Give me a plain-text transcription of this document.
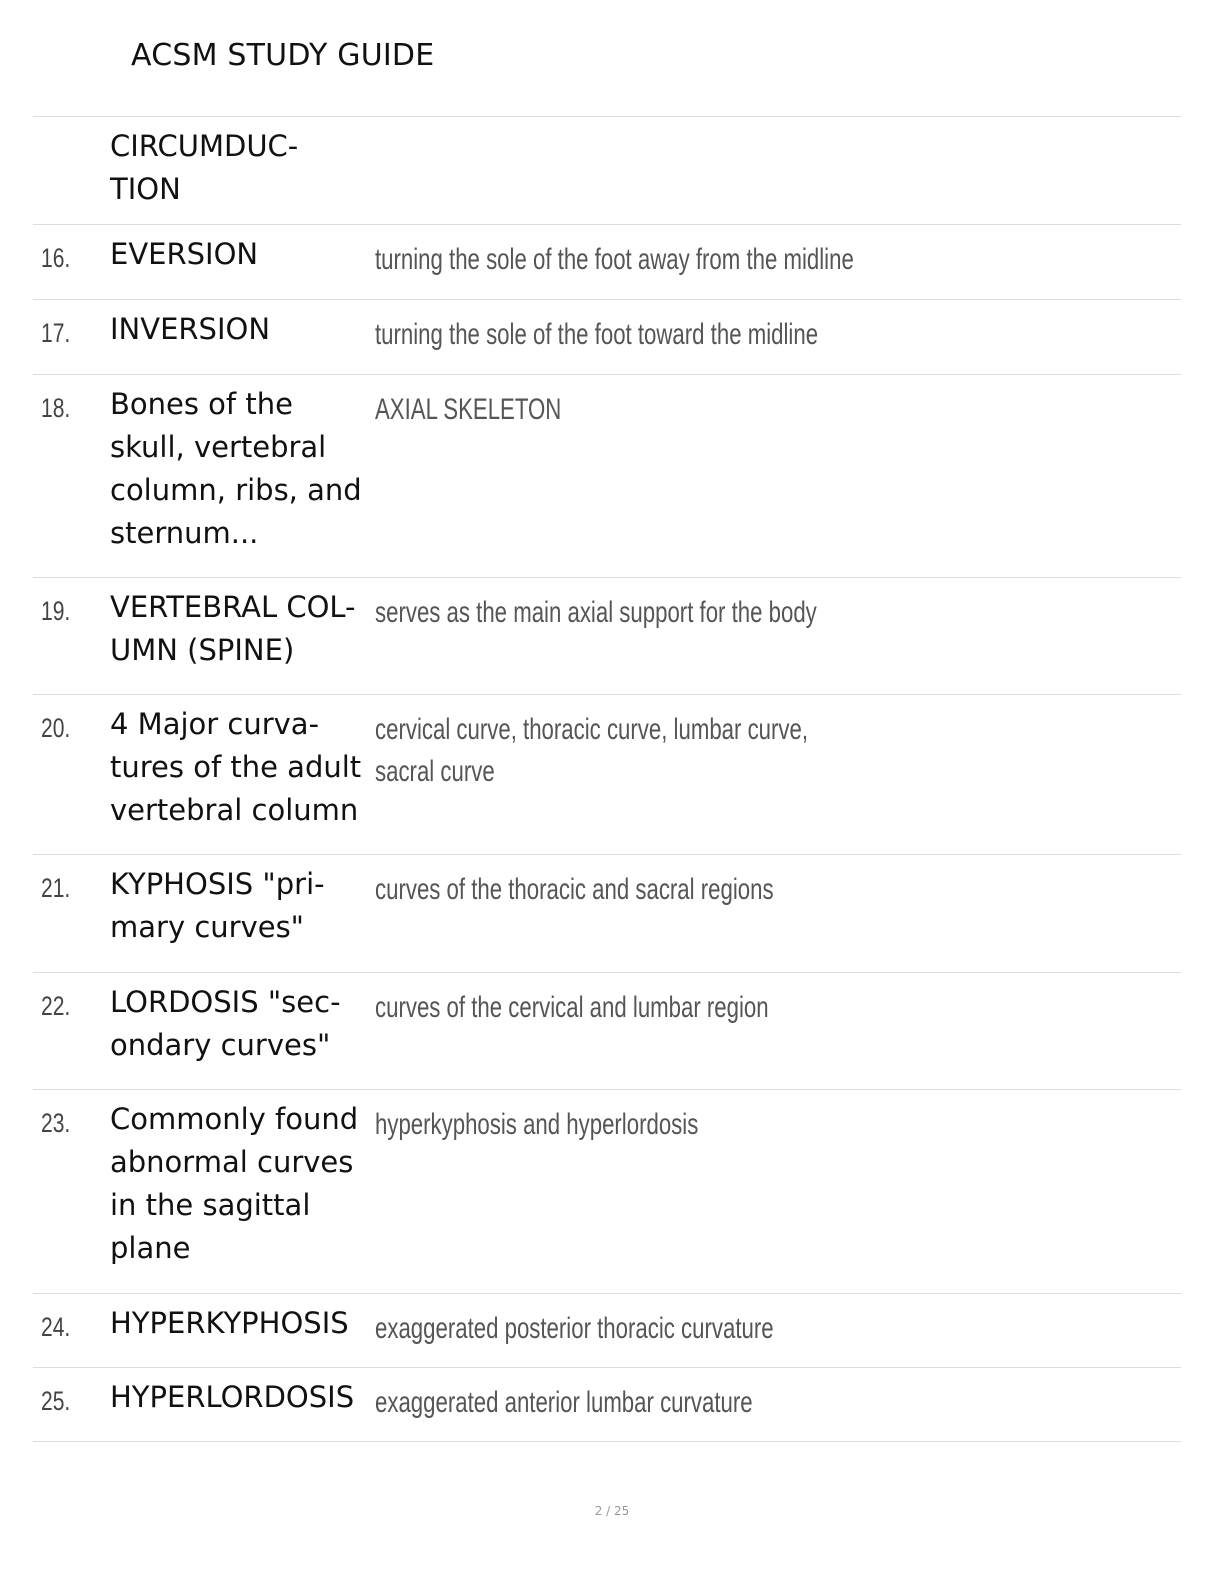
ACSM STUDY GUIDE
CIRCUMDUC-
TION
16. EVERSION	turning the sole of the foot away from the midline
17. INVERSION	turning the sole of the foot toward the midline
18. Bones of the skull, vertebral column, ribs, and sternum...
AXIAL SKELETON
19. VERTEBRAL COL-
UMN (SPINE)
serves as the main axial support for the body
20. 4 Major curva-
tures of the adult vertebral column
cervical curve, thoracic curve, lumbar curve,
sacral curve
21. KYPHOSIS "pri-
mary curves"
curves of the thoracic and sacral regions
22. LORDOSIS "sec-
ondary curves"
curves of the cervical and lumbar region
23. Commonly found abnormal curves in the sagittal plane
hyperkyphosis and hyperlordosis
24. HYPERKYPHOSIS exaggerated posterior thoracic curvature
25. HYPERLORDOSIS exaggerated anterior lumbar curvature
2 / 25
